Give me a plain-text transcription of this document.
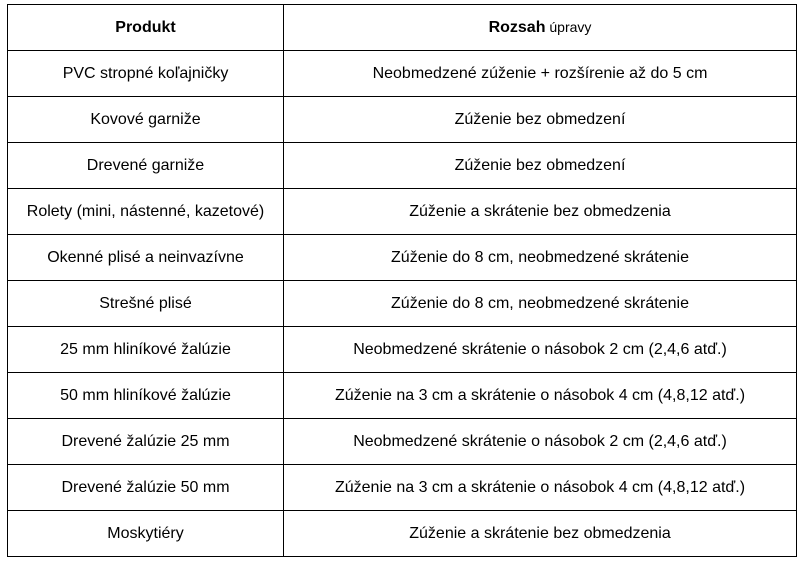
Produkt	Rozsah úpravy
PVC stropné koľajničky	Neobmedzené zúženie + rozšírenie až do 5 cm
Kovové garniže	Zúženie bez obmedzení
Drevené garniže	Zúženie bez obmedzení
Rolety (mini, nástenné, kazetové)	Zúženie a skrátenie bez obmedzenia
Okenné plisé a neinvazívne	Zúženie do 8 cm, neobmedzené skrátenie
Strešné plisé	Zúženie do 8 cm, neobmedzené skrátenie
25 mm hliníkové žalúzie	Neobmedzené skrátenie o násobok 2 cm (2,4,6 atď.)
50 mm hliníkové žalúzie	Zúženie na 3 cm a skrátenie o násobok 4 cm (4,8,12 atď.)
Drevené žalúzie 25 mm	Neobmedzené skrátenie o násobok 2 cm (2,4,6 atď.)
Drevené žalúzie 50 mm	Zúženie na 3 cm a skrátenie o násobok 4 cm (4,8,12 atď.)
Moskytiéry	Zúženie a skrátenie bez obmedzenia
